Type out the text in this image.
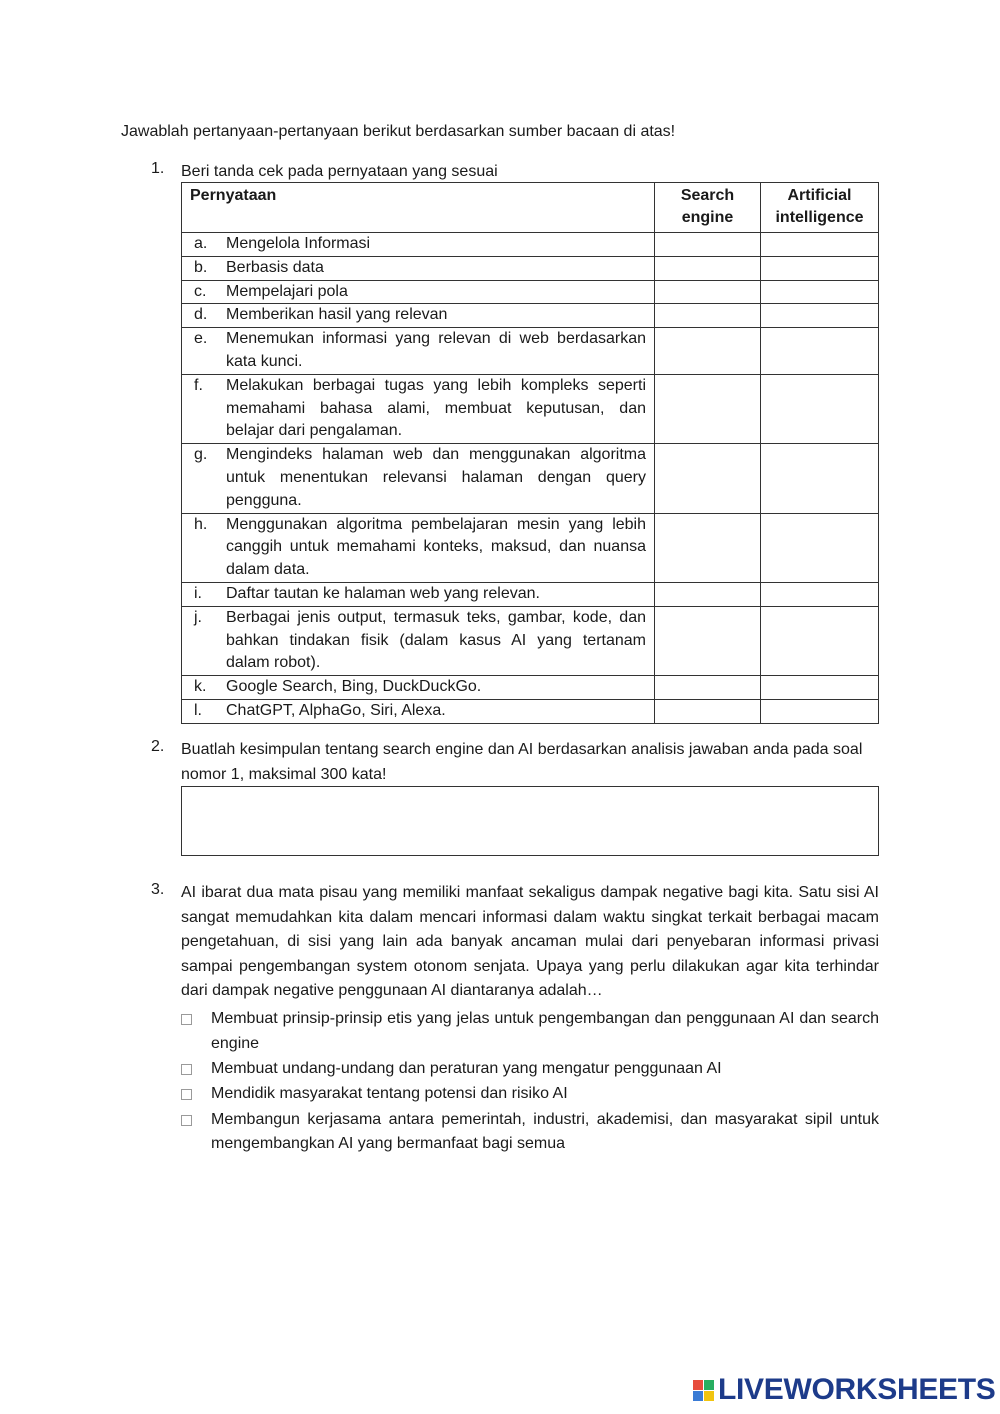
Jawablah pertanyaan-pertanyaan berikut berdasarkan sumber bacaan di atas!
1.	Beri tanda cek pada pernyataan yang sesuai
Pernyataan	Search engine	Artificial intelligence

a. Mengelola Informasi		

b. Berbasis data		

c. Mempelajari pola		

d. Memberikan hasil yang relevan		

e. Menemukan informasi yang relevan di web berdasarkan kata kunci.		

f. Melakukan berbagai tugas yang lebih kompleks seperti memahami bahasa alami, membuat keputusan, dan belajar dari pengalaman.		

g. Mengindeks halaman web dan menggunakan algoritma untuk menentukan relevansi halaman dengan query pengguna.		

h. Menggunakan algoritma pembelajaran mesin yang lebih canggih untuk memahami konteks, maksud, dan nuansa dalam data.		

i. Daftar tautan ke halaman web yang relevan.		

j. Berbagai jenis output, termasuk teks, gambar, kode, dan bahkan tindakan fisik (dalam kasus AI yang tertanam dalam robot).		

k. Google Search, Bing, DuckDuckGo.		

l. ChatGPT, AlphaGo, Siri, Alexa.		

2.	Buatlah kesimpulan tentang search engine dan AI berdasarkan analisis jawaban anda pada soal nomor 1, maksimal 300 kata!
3.	AI ibarat dua mata pisau yang memiliki manfaat sekaligus dampak negative bagi kita. Satu sisi AI sangat memudahkan kita dalam mencari informasi dalam waktu singkat terkait berbagai macam pengetahuan, di sisi yang lain ada banyak ancaman mulai dari penyebaran informasi privasi sampai pengembangan system otonom senjata. Upaya yang perlu dilakukan agar kita terhindar dari dampak negative penggunaan AI diantaranya adalah…
Membuat prinsip-prinsip etis yang jelas untuk pengembangan dan penggunaan AI dan search engine
Membuat undang-undang dan peraturan yang mengatur penggunaan AI
Mendidik masyarakat tentang potensi dan risiko AI
Membangun kerjasama antara pemerintah, industri, akademisi, dan masyarakat sipil untuk mengembangkan AI yang bermanfaat bagi semua
LIVEWORKSHEETS
